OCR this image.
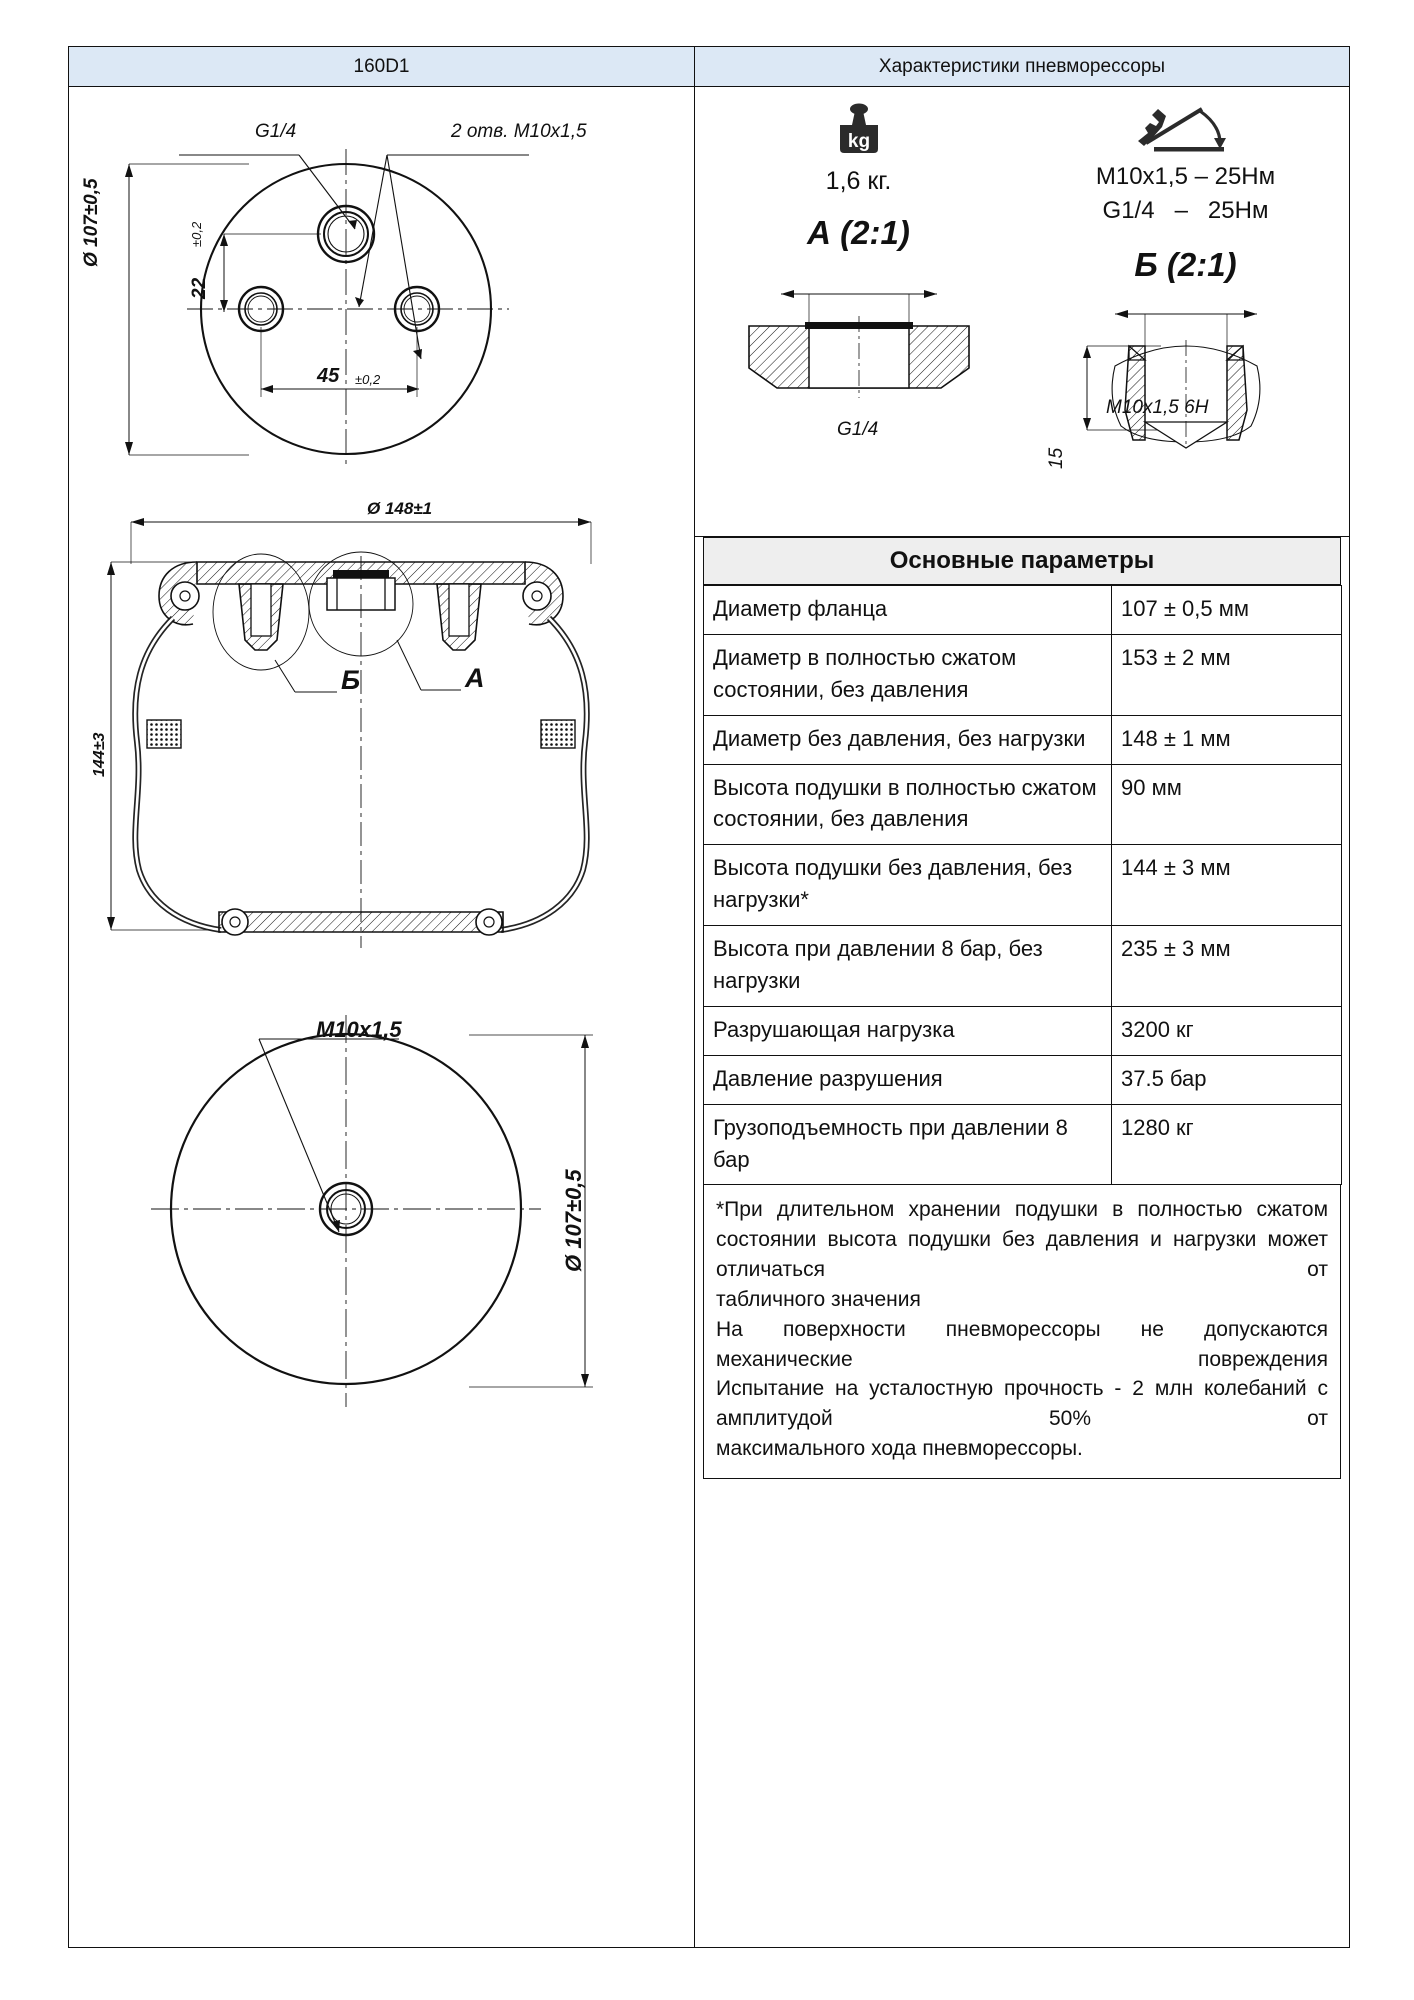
160D1	Характеристики пневморессоры
G1/4	2 отв. M10x1,5
Ø 107±0,5
22
±0,2
45 ±0,2
Ø 148±1
144±3
Б	А
M10x1,5
Ø 107±0,5
kg
1,6 кг.
А (2:1)
G1/4
M10x1,5 – 25Нм
G1/4   –   25Нм
Б (2:1)
M10x1,5 6H
15
Основные параметры
Диаметр фланца	107 ± 0,5 мм
Диаметр в полностью сжатом состоянии, без давления	153 ± 2 мм
Диаметр без давления, без нагрузки	148 ± 1 мм
Высота подушки в полностью сжатом состоянии, без давления	90 мм
Высота подушки без давления, без нагрузки*	144 ± 3 мм
Высота при давлении 8 бар, без нагрузки	235 ± 3 мм
Разрушающая нагрузка	3200 кг
Давление разрушения	37.5 бар
Грузоподъемность при давлении 8 бар	1280 кг

*При длительном хранении подушки в полностью сжатом состоянии высота подушки без давления и нагрузки может отличаться от

табличного значения

На поверхности пневморессоры не допускаются механические повреждения

Испытание на усталостную прочность - 2 млн колебаний с амплитудой 50% от

максимального хода пневморессоры.
